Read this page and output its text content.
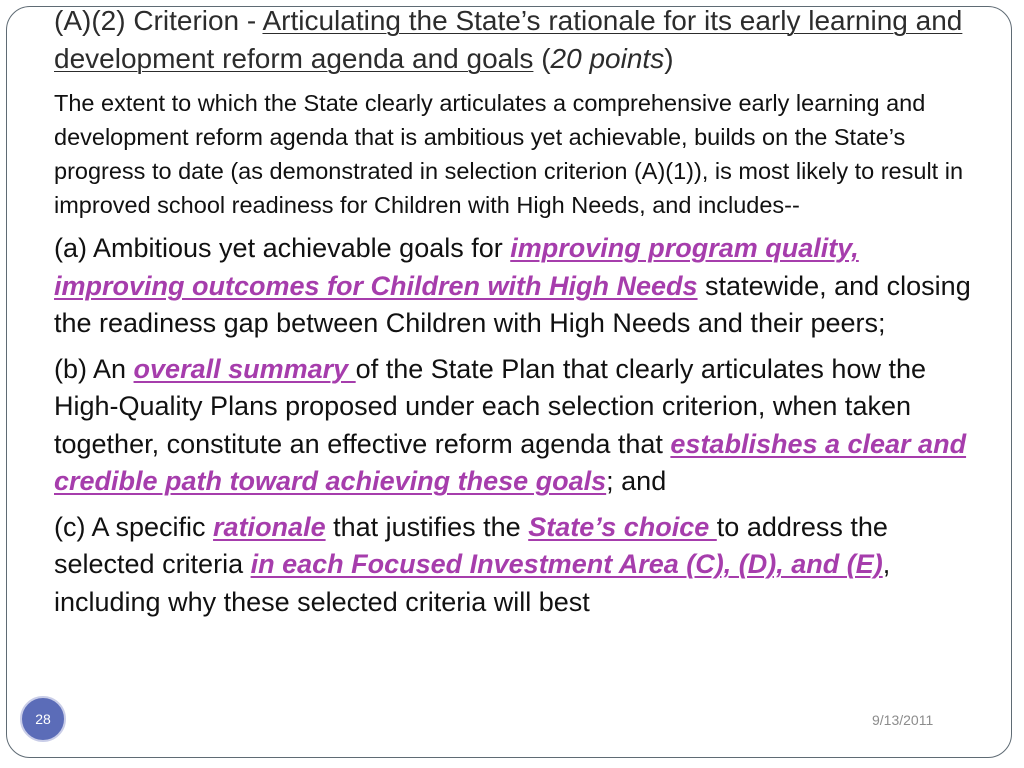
(A)(2) Criterion - Articulating the State’s rationale for its early learning and development reform agenda and goals (20 points)

The extent to which the State clearly articulates a comprehensive early learning and development reform agenda that is ambitious yet achievable, builds on the State’s progress to date (as demonstrated in selection criterion (A)(1)), is most likely to result in improved school readiness for Children with High Needs, and includes--

(a) Ambitious yet achievable goals for improving program quality, improving outcomes for Children with High Needs statewide, and closing the readiness gap between Children with High Needs and their peers;

(b) An overall summary of the State Plan that clearly articulates how the High-Quality Plans proposed under each selection criterion, when taken together, constitute an effective reform agenda that establishes a clear and credible path toward achieving these goals; and

(c) A specific rationale that justifies the State’s choice to address the selected criteria in each Focused Investment Area (C), (D), and (E), including why these selected criteria will best

28	9/13/2011
